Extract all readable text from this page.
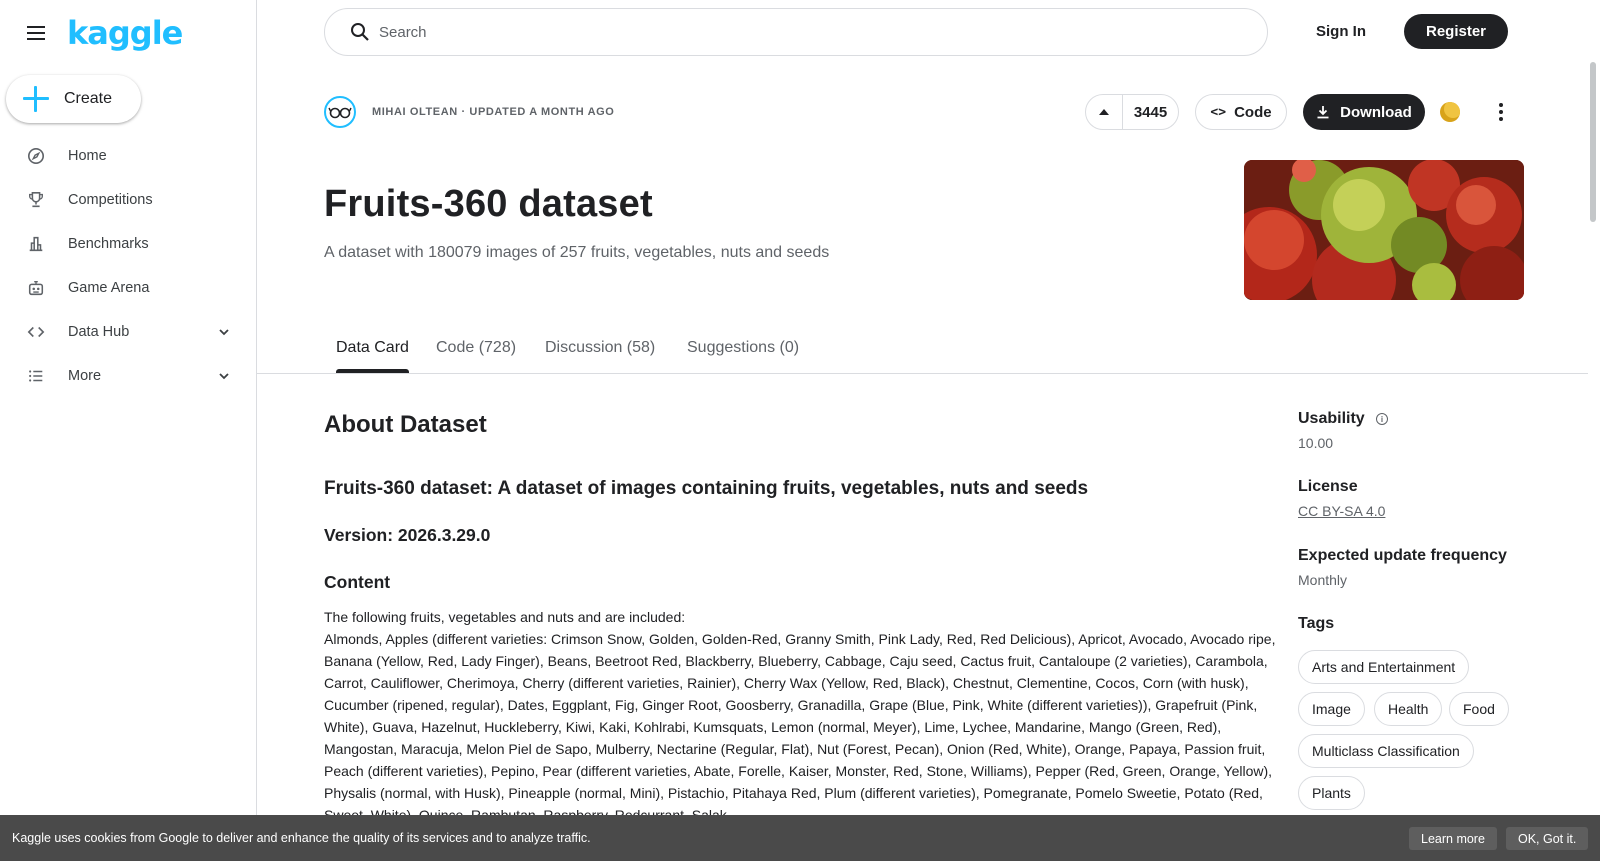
kaggle
Create
Home
Competitions
Benchmarks
Game Arena
Data Hub
More
Search
Sign In	Register
MIHAI OLTEAN · UPDATED A MONTH AGO	3445	<> Code	Download
Fruits-360 dataset

A dataset with 180079 images of 257 fruits, vegetables, nuts and seeds

Data Card Code (728) Discussion (58) Suggestions (0)
About Dataset
Fruits-360 dataset: A dataset of images containing fruits, vegetables, nuts and seeds
Version: 2026.3.29.0
Content
The following fruits, vegetables and nuts and are included:
Almonds, Apples (different varieties: Crimson Snow, Golden, Golden-Red, Granny Smith, Pink Lady, Red, Red Delicious), Apricot, Avocado, Avocado ripe, Banana (Yellow, Red, Lady Finger), Beans, Beetroot Red, Blackberry, Blueberry, Cabbage, Caju seed, Cactus fruit, Cantaloupe (2 varieties), Carambola, Carrot, Cauliflower, Cherimoya, Cherry (different varieties, Rainier), Cherry Wax (Yellow, Red, Black), Chestnut, Clementine, Cocos, Corn (with husk), Cucumber (ripened, regular), Dates, Eggplant, Fig, Ginger Root, Goosberry, Granadilla, Grape (Blue, Pink, White (different varieties)), Grapefruit (Pink, White), Guava, Hazelnut, Huckleberry, Kiwi, Kaki, Kohlrabi, Kumsquats, Lemon (normal, Meyer), Lime, Lychee, Mandarine, Mango (Green, Red), Mangostan, Maracuja, Melon Piel de Sapo, Mulberry, Nectarine (Regular, Flat), Nut (Forest, Pecan), Onion (Red, White), Orange, Papaya, Passion fruit, Peach (different varieties), Pepino, Pear (different varieties, Abate, Forelle, Kaiser, Monster, Red, Stone, Williams), Pepper (Red, Green, Orange, Yellow), Physalis (normal, with Husk), Pineapple (normal, Mini), Pistachio, Pitahaya Red, Plum (different varieties), Pomegranate, Pomelo Sweetie, Potato (Red,
Usability	i
10.00
License
CC BY-SA 4.0
Expected update frequency
Monthly
Tags
Arts and Entertainment
Image	Health	Food
Multiclass Classification
Plants
Kaggle uses cookies from Google to deliver and enhance the quality of its services and to analyze traffic.	Learn more	OK, Got it.
